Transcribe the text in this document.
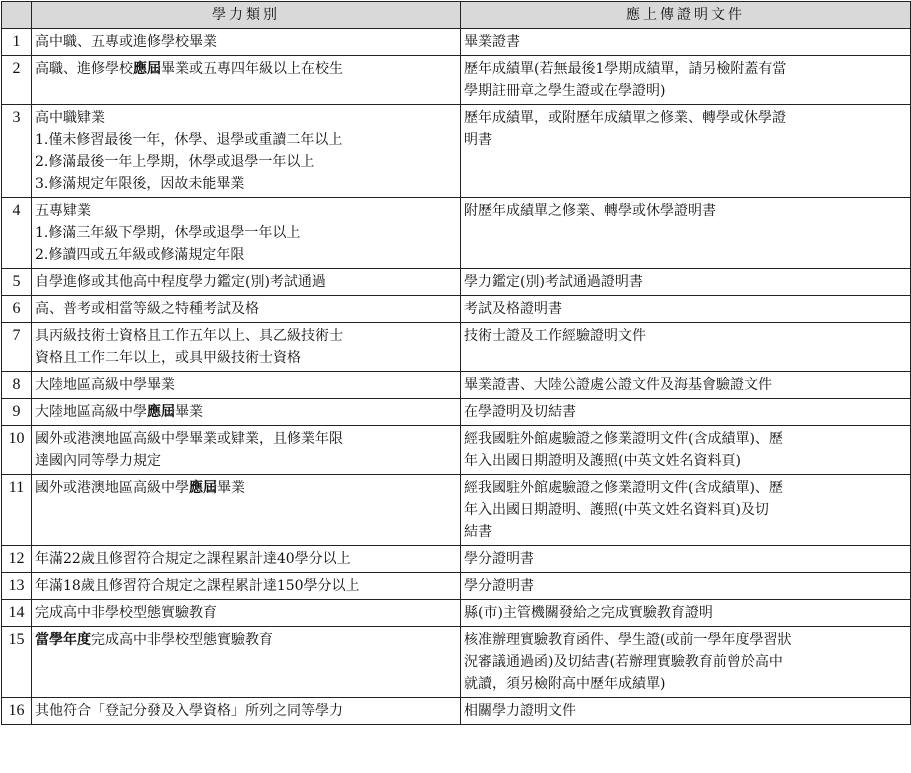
	學力類別	應上傳證明文件
1	高中職、五專或進修學校畢業	畢業證書

2	高職、進修學校應屆畢業或五專四年級以上在校生	歷年成績單(若無最後1學期成績單，請另檢附蓋有當
學期註冊章之學生證或在學證明)

3	高中職肄業
1.僅未修習最後一年，休學、退學或重讀二年以上
2.修滿最後一年上學期，休學或退學一年以上
3.修滿規定年限後，因故未能畢業	歷年成績單，或附歷年成績單之修業、轉學或休學證
明書

4	五專肄業
1.修滿三年級下學期，休學或退學一年以上
2.修讀四或五年級或修滿規定年限	附歷年成績單之修業、轉學或休學證明書

5	自學進修或其他高中程度學力鑑定(別)考試通過	學力鑑定(別)考試通過證明書

6	高、普考或相當等級之特種考試及格	考試及格證明書

7	具丙級技術士資格且工作五年以上、具乙級技術士
資格且工作二年以上，或具甲級技術士資格	技術士證及工作經驗證明文件

8	大陸地區高級中學畢業	畢業證書、大陸公證處公證文件及海基會驗證文件

9	大陸地區高級中學應屆畢業	在學證明及切結書

10	國外或港澳地區高級中學畢業或肄業，且修業年限
達國內同等學力規定	經我國駐外館處驗證之修業證明文件(含成績單)、歷
年入出國日期證明及護照(中英文姓名資料頁)

11	國外或港澳地區高級中學應屆畢業	經我國駐外館處驗證之修業證明文件(含成績單)、歷
年入出國日期證明、護照(中英文姓名資料頁)及切
結書

12	年滿22歲且修習符合規定之課程累計達40學分以上	學分證明書

13	年滿18歲且修習符合規定之課程累計達150學分以上	學分證明書

14	完成高中非學校型態實驗教育	縣(市)主管機關發給之完成實驗教育證明

15	當學年度完成高中非學校型態實驗教育	核准辦理實驗教育函件、學生證(或前一學年度學習狀
況審議通過函)及切結書(若辦理實驗教育前曾於高中
就讀，須另檢附高中歷年成績單)

16	其他符合「登記分發及入學資格」所列之同等學力	相關學力證明文件
